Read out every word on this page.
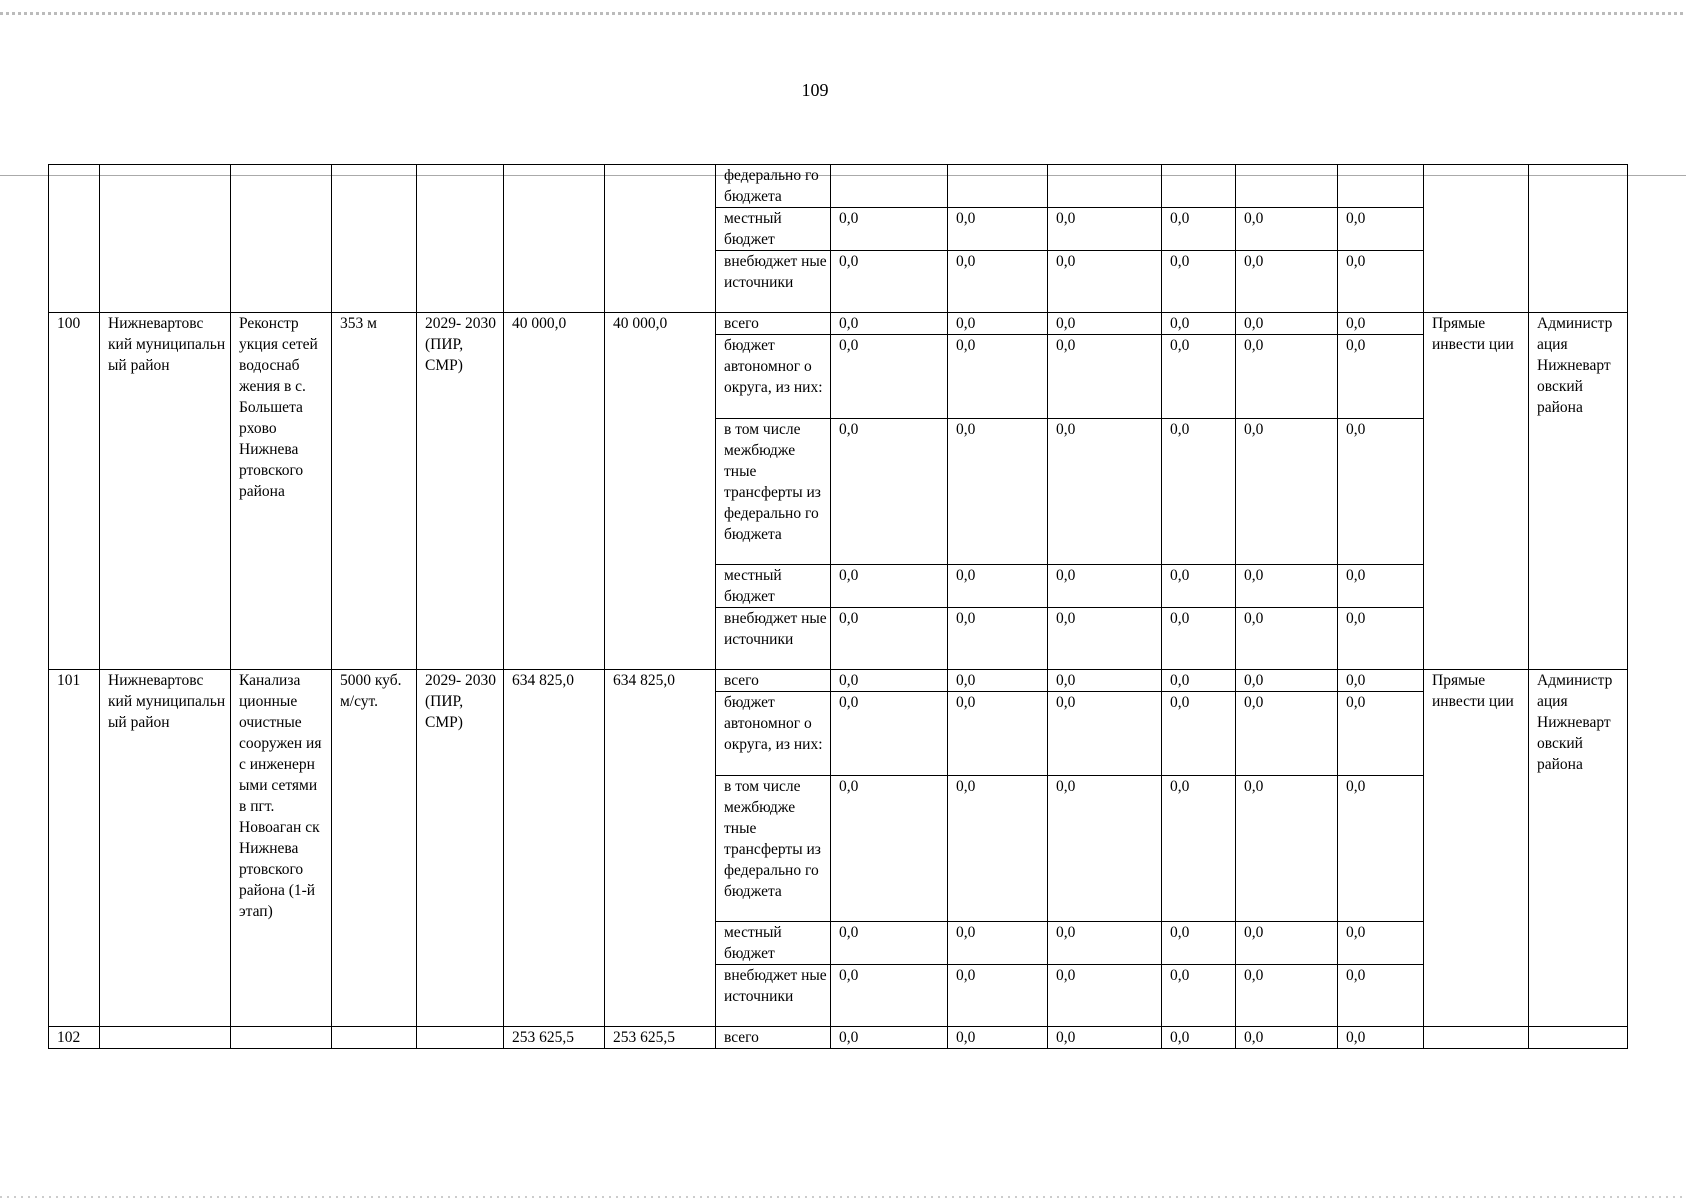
109
							федерально го бюджета								
							местный бюджет	0,0	0,0	0,0	0,0	0,0	0,0		
							внебюджет ные источники	0,0	0,0	0,0	0,0	0,0	0,0		
100	Нижневартовс кий муниципальн ый район	Реконстр укция сетей водоснаб жения в с. Большета рхово Нижнева ртовского района	353 м	2029- 2030 (ПИР, СМР)	40 000,0	40 000,0	всего	0,0	0,0	0,0	0,0	0,0	0,0	Прямые инвести ции	Администр ация Нижневарт овский района
							бюджет автономног о округа, из них:	0,0	0,0	0,0	0,0	0,0	0,0		
							в том числе межбюдже тные трансферты из федерально го бюджета	0,0	0,0	0,0	0,0	0,0	0,0		
							местный бюджет	0,0	0,0	0,0	0,0	0,0	0,0		
							внебюджет ные источники	0,0	0,0	0,0	0,0	0,0	0,0		
101	Нижневартовс кий муниципальн ый район	Канализа ционные очистные сооружен ия с инженерн ыми сетями в пгт. Новоаган ск Нижнева ртовского района (1-й этап)	5000 куб. м/сут.	2029- 2030 (ПИР, СМР)	634 825,0	634 825,0	всего	0,0	0,0	0,0	0,0	0,0	0,0	Прямые инвести ции	Администр ация Нижневарт овский района
							бюджет автономног о округа, из них:	0,0	0,0	0,0	0,0	0,0	0,0		
							в том числе межбюдже тные трансферты из федерально го бюджета	0,0	0,0	0,0	0,0	0,0	0,0		
							местный бюджет	0,0	0,0	0,0	0,0	0,0	0,0		
							внебюджет ные источники	0,0	0,0	0,0	0,0	0,0	0,0		
102					253 625,5	253 625,5	всего	0,0	0,0	0,0	0,0	0,0	0,0		
